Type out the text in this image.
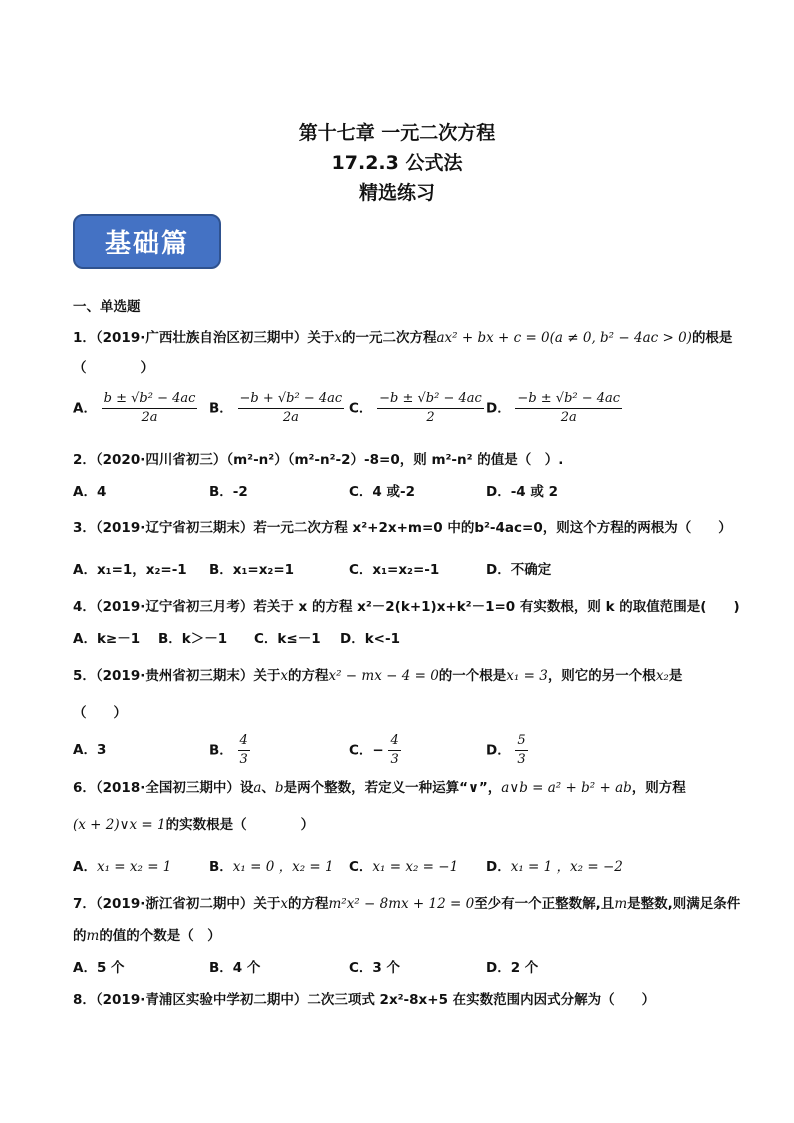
第十七章 一元二次方程
17.2.3 公式法
精选练习
基础篇
一、单选题
1．（2019·广西壮族自治区初三期中）关于x的一元二次方程ax² + bx + c = 0(a ≠ 0, b² − 4ac > 0)的根是
（　　　　）
A． $\frac{\text{b ± √b² − 4ac}}{2a}$ B． $\frac{\text{−b + √b² − 4ac}}{2a}$ C． $\frac{\text{−b ± √b² − 4ac}}{2}$ D． $\frac{\text{−b ± √b² − 4ac}}{2a}$
2．（2020·四川省初三）（m²-n²）（m²-n²-2）-8=0，则 m²-n² 的值是（　）.
A．4	B．-2	C．4 或-2	D．-4 或 2
3．（2019·辽宁省初三期末）若一元二次方程 x²+2x+m=0 中的b²-4ac=0，则这个方程的两根为（　　）
A．x₁=1，x₂=-1 B．x₁=x₂=1	C．x₁=x₂=-1	D．不确定
4．（2019·辽宁省初三月考）若关于 x 的方程 x²－2(k+1)x+k²－1=0 有实数根，则 k 的取值范围是(　　)
A．k≥－1 B．k＞－1 C．k≤－1 D．k<-1
5．（2019·贵州省初三期末）关于x的方程x² − mx − 4 = 0的一个根是x₁ = 3，则它的另一个根x₂是
（　　）
A．3	B． $\frac{4}{3}$	C．− $\frac{4}{3}$	D． $\frac{5}{3}$
6．（2018·全国初三期中）设a、b是两个整数，若定义一种运算“∨”，a∨b = a² + b² + ab，则方程
(x + 2)∨x = 1的实数根是（　　　　）
A．x₁ = x₂ = 1	B．x₁ = 0 ，x₂ = 1 C．x₁ = x₂ = −1 D．x₁ = 1 ，x₂ = −2
7．（2019·浙江省初二期中）关于x的方程m²x² − 8mx + 12 = 0至少有一个正整数解,且m是整数,则满足条件
的m的值的个数是（　）
A．5 个	B．4 个	C．3 个	D．2 个
8．（2019·青浦区实验中学初二期中）二次三项式 2x²-8x+5 在实数范围内因式分解为（　　）
